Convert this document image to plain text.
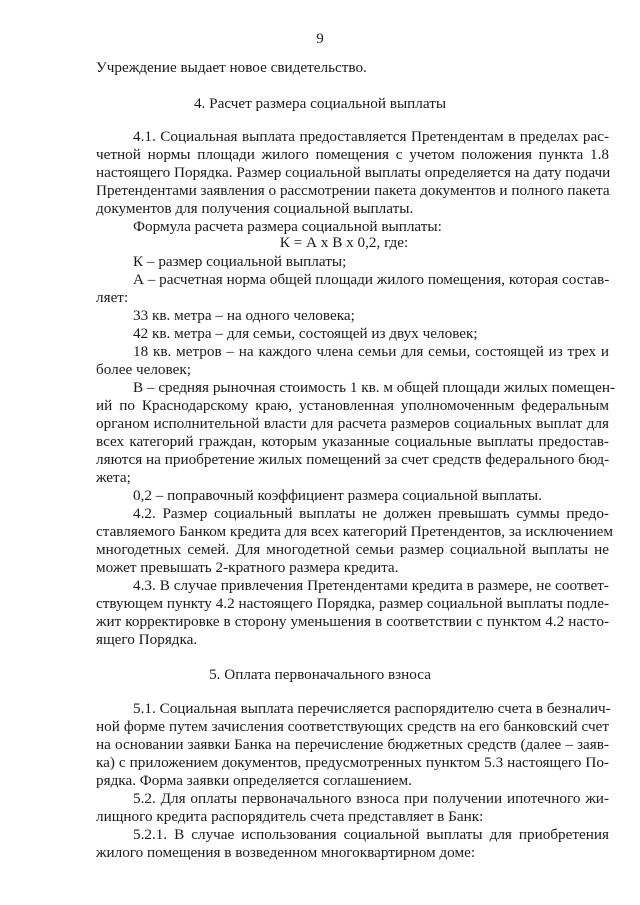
9
Учреждение выдает новое свидетельство.
4. Расчет размера социальной выплаты
4.1. Социальная выплата предоставляется Претендентам в пределах рас-
четной нормы площади жилого помещения с учетом положения пункта 1.8
настоящего Порядка. Размер социальной выплаты определяется на дату подачи
Претендентами заявления о рассмотрении пакета документов и полного пакета
документов для получения социальной выплаты.
Формула расчета размера социальной выплаты:
К = А х В х 0,2, где:
К – размер социальной выплаты;
А – расчетная норма общей площади жилого помещения, которая состав-
ляет:
33 кв. метра – на одного человека;
42 кв. метра – для семьи, состоящей из двух человек;
18 кв. метров – на каждого члена семьи для семьи, состоящей из трех и
более человек;
В – средняя рыночная стоимость 1 кв. м общей площади жилых помещен-
ий по Краснодарскому краю, установленная уполномоченным федеральным
органом исполнительной власти для расчета размеров социальных выплат для
всех категорий граждан, которым указанные социальные выплаты предостав-
ляются на приобретение жилых помещений за счет средств федерального бюд-
жета;
0,2 – поправочный коэффициент размера социальной выплаты.
4.2. Размер социальный выплаты не должен превышать суммы предо-
ставляемого Банком кредита для всех категорий Претендентов, за исключением
многодетных семей. Для многодетной семьи размер социальной выплаты не
может превышать 2-кратного размера кредита.
4.3. В случае привлечения Претендентами кредита в размере, не соответ-
ствующем пункту 4.2 настоящего Порядка, размер социальной выплаты подле-
жит корректировке в сторону уменьшения в соответствии с пунктом 4.2 насто-
ящего Порядка.
5. Оплата первоначального взноса
5.1. Социальная выплата перечисляется распорядителю счета в безналич-
ной форме путем зачисления соответствующих средств на его банковский счет
на основании заявки Банка на перечисление бюджетных средств (далее – заяв-
ка) с приложением документов, предусмотренных пунктом 5.3 настоящего По-
рядка. Форма заявки определяется соглашением.
5.2. Для оплаты первоначального взноса при получении ипотечного жи-
лищного кредита распорядитель счета представляет в Банк:
5.2.1. В случае использования социальной выплаты для приобретения
жилого помещения в возведенном многоквартирном доме:
